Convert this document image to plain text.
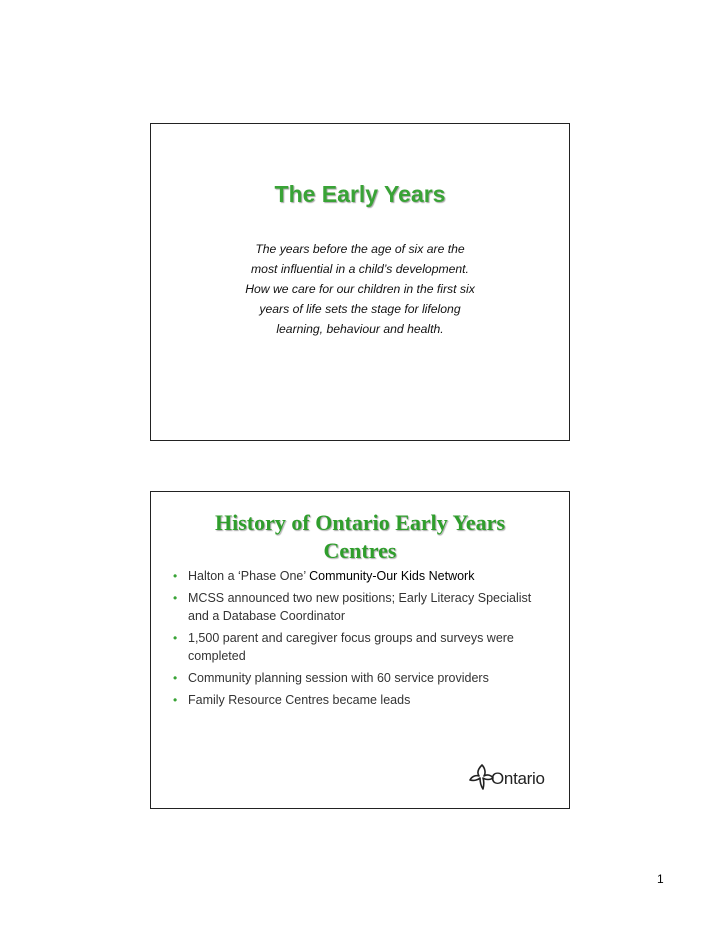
The Early Years

The years before the age of six are the
most influential in a child’s development.
How we care for our children in the first six
years of life sets the stage for lifelong
learning, behaviour and health.

History of Ontario Early Years
Centres
• Halton a ‘Phase One’ Community-Our Kids Network
• MCSS announced two new positions; Early Literacy Specialist and a Database Coordinator
• 1,500 parent and caregiver focus groups and surveys were completed
• Community planning session with 60 service providers
• Family Resource Centres became leads
Ontario
1
